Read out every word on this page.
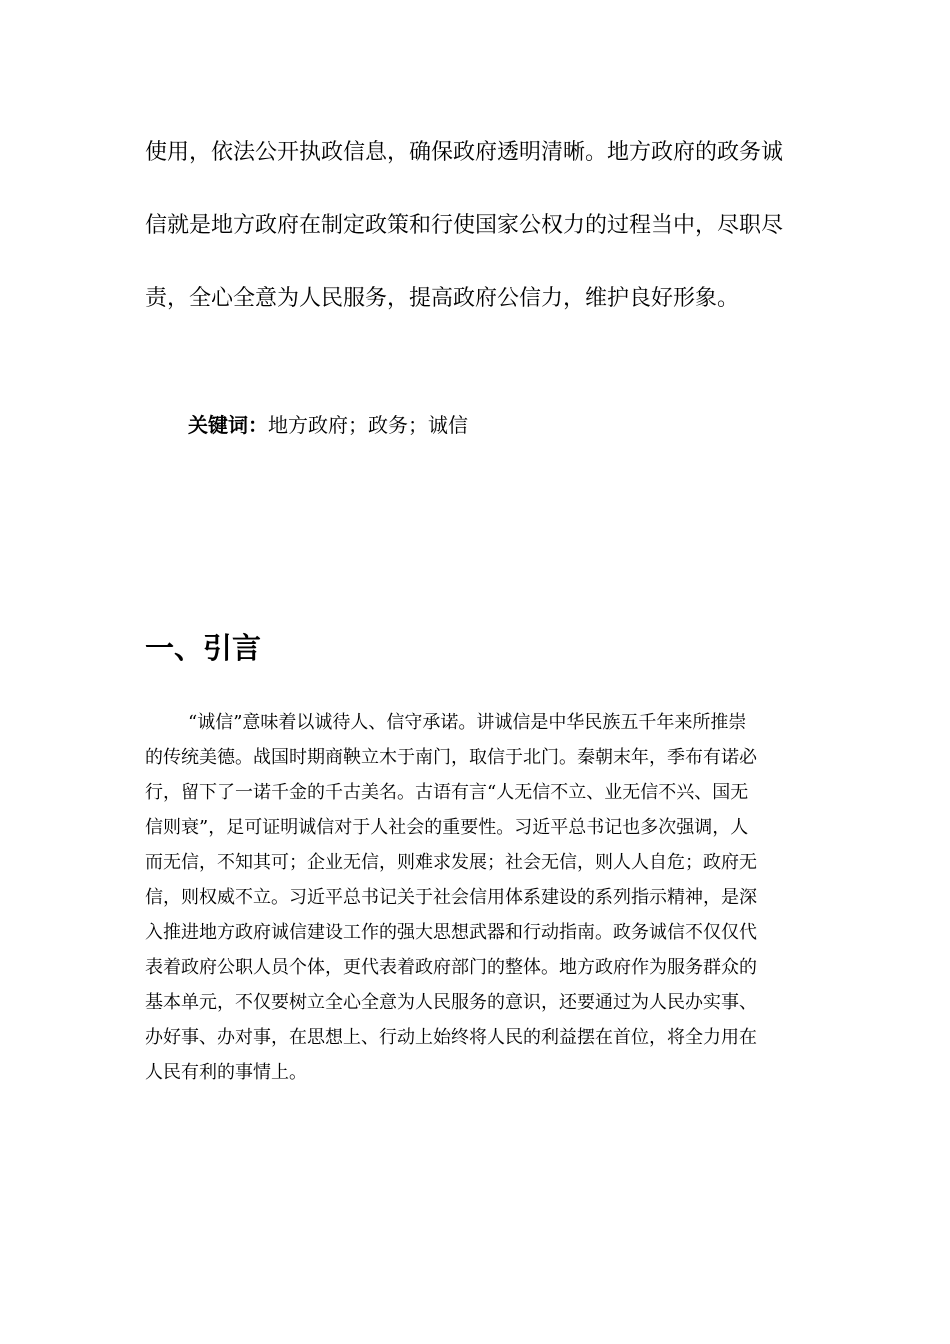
使用，依法公开执政信息，确保政府透明清晰。地方政府的政务诚
信就是地方政府在制定政策和行使国家公权力的过程当中，尽职尽
责，全心全意为人民服务，提高政府公信力，维护良好形象。
关键词：地方政府；政务；诚信
一、引言
“诚信”意味着以诚待人、信守承诺。讲诚信是中华民族五千年来所推崇
的传统美德。战国时期商鞅立木于南门，取信于北门。秦朝末年，季布有诺必
行，留下了一诺千金的千古美名。古语有言“人无信不立、业无信不兴、国无
信则衰”，足可证明诚信对于人社会的重要性。习近平总书记也多次强调，人
而无信，不知其可；企业无信，则难求发展；社会无信，则人人自危；政府无
信，则权威不立。习近平总书记关于社会信用体系建设的系列指示精神，是深
入推进地方政府诚信建设工作的强大思想武器和行动指南。政务诚信不仅仅代
表着政府公职人员个体，更代表着政府部门的整体。地方政府作为服务群众的
基本单元，不仅要树立全心全意为人民服务的意识，还要通过为人民办实事、
办好事、办对事，在思想上、行动上始终将人民的利益摆在首位，将全力用在
人民有利的事情上。
